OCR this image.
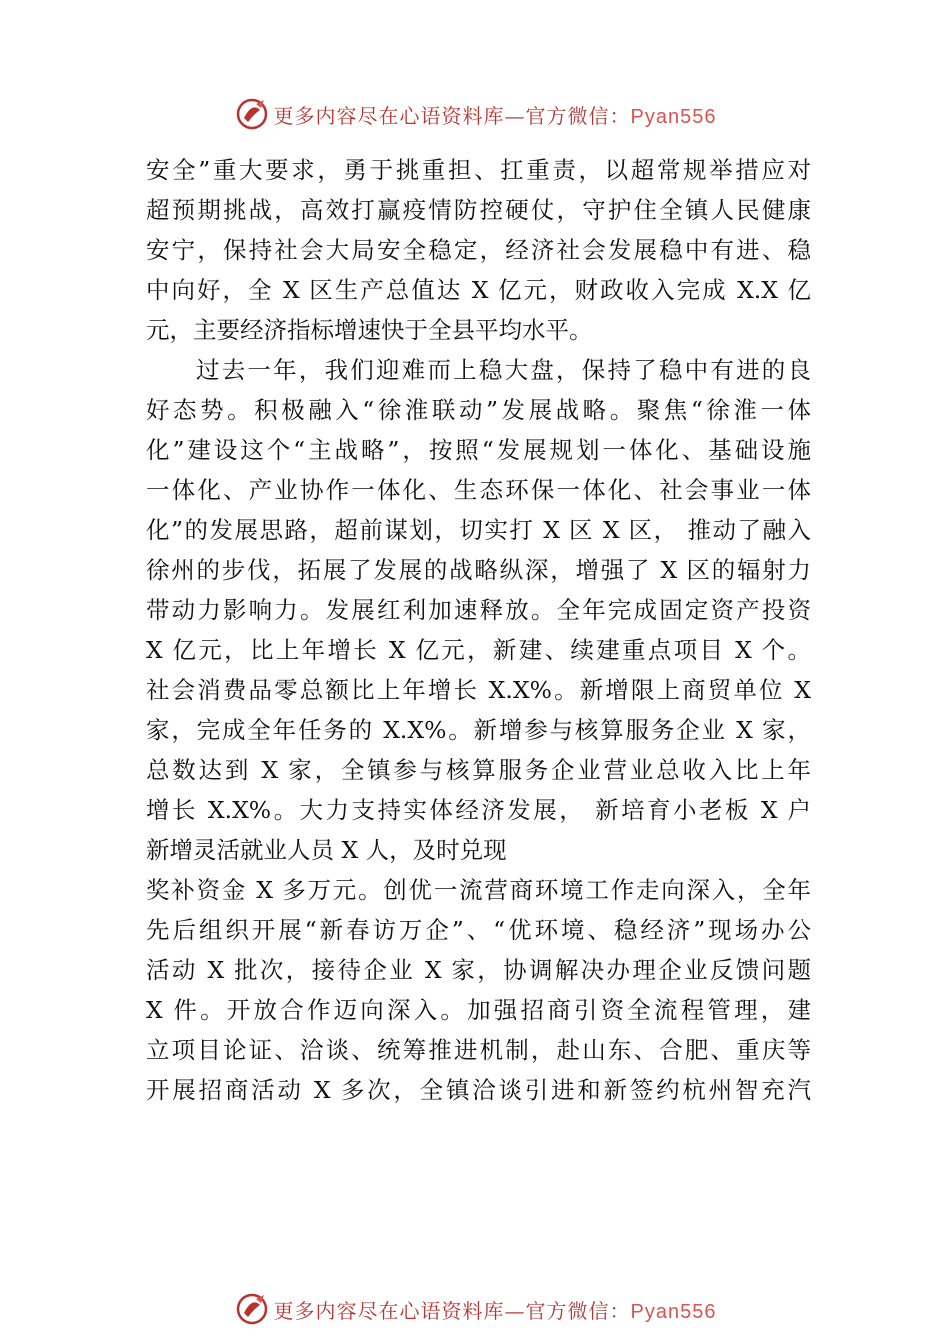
更多内容尽在心语资料库—官方微信：Pyan556
安全”重大要求，勇于挑重担、扛重责，以超常规举措应对
超预期挑战，高效打赢疫情防控硬仗，守护住全镇人民健康
安宁，保持社会大局安全稳定，经济社会发展稳中有进、稳
中向好，全 X 区生产总值达 X 亿元，财政收入完成 X.X 亿
元，主要经济指标增速快于全县平均水平。
过去一年，我们迎难而上稳大盘，保持了稳中有进的良
好态势。积极融入“徐淮联动”发展战略。聚焦“徐淮一体
化”建设这个“主战略”，按照“发展规划一体化、基础设施
一体化、产业协作一体化、生态环保一体化、社会事业一体
化”的发展思路，超前谋划，切实打 X 区 X 区， 推动了融入
徐州的步伐，拓展了发展的战略纵深，增强了 X 区的辐射力
带动力影响力。发展红利加速释放。全年完成固定资产投资
X 亿元，比上年增长 X 亿元，新建、续建重点项目 X 个。
社会消费品零总额比上年增长 X.X%。新增限上商贸单位 X
家，完成全年任务的 X.X%。新增参与核算服务企业 X 家，
总数达到 X 家，全镇参与核算服务企业营业总收入比上年
增长 X.X%。大力支持实体经济发展， 新培育小老板 X 户
新增灵活就业人员 X 人，及时兑现
奖补资金 X 多万元。创优一流营商环境工作走向深入，全年
先后组织开展“新春访万企”、“优环境、稳经济”现场办公
活动 X 批次，接待企业 X 家，协调解决办理企业反馈问题
X 件。开放合作迈向深入。加强招商引资全流程管理，建
立项目论证、洽谈、统筹推进机制，赴山东、合肥、重庆等
开展招商活动 X 多次，全镇洽谈引进和新签约杭州智充汽
更多内容尽在心语资料库—官方微信：Pyan556
